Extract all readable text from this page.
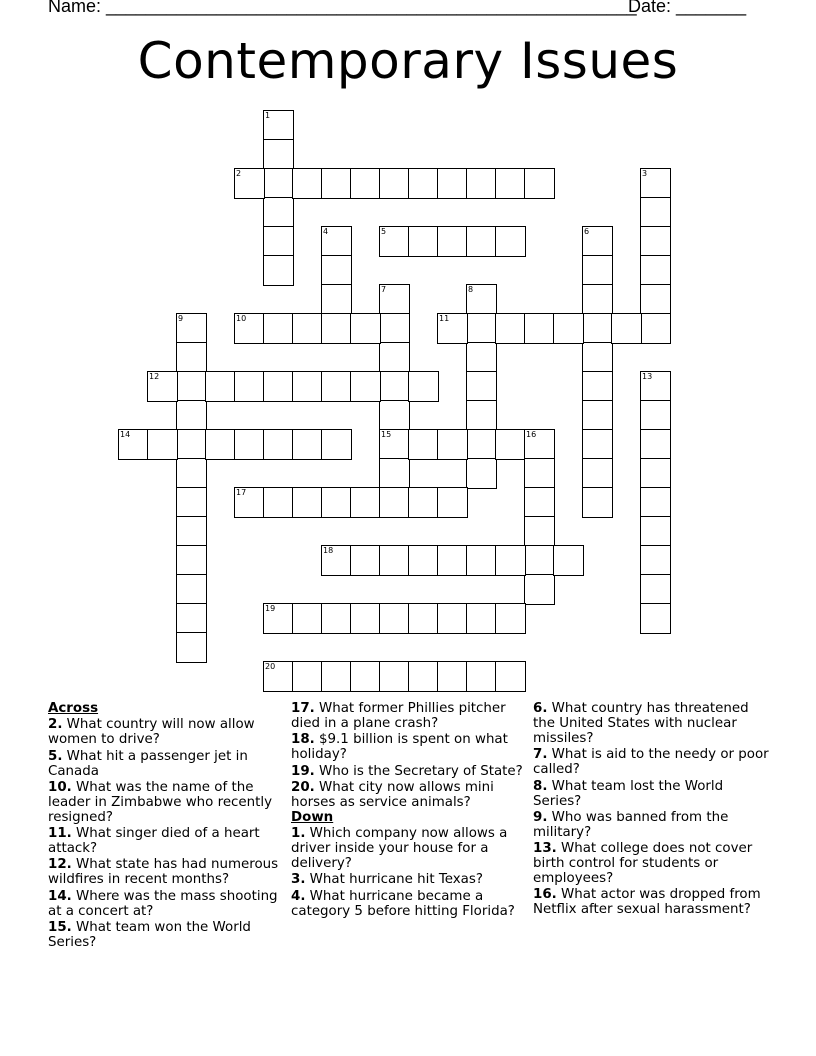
Name: _____________________________________________________
Date: _______
Contemporary Issues
1
2	3
4	5	6
7
15
8
9	10	11
12	13
14	16
17
18
19
20
Across
2. What country will now allow women to drive?
5. What hit a passenger jet in Canada
10. What was the name of the leader in Zimbabwe who recently resigned?
11. What singer died of a heart attack?
12. What state has had numerous wildfires in recent months?
14. Where was the mass shooting at a concert at?
15. What team won the World Series?
17. What former Phillies pitcher died in a plane crash?
18. $9.1 billion is spent on what holiday?
19. Who is the Secretary of State?
20. What city now allows mini horses as service animals?
Down
1. Which company now allows a driver inside your house for a delivery?
3. What hurricane hit Texas?
4. What hurricane became a category 5 before hitting Florida?
6. What country has threatened the United States with nuclear missiles?
7. What is aid to the needy or poor called?
8. What team lost the World Series?
9. Who was banned from the military?
13. What college does not cover birth control for students or employees?
16. What actor was dropped from Netflix after sexual harassment?
